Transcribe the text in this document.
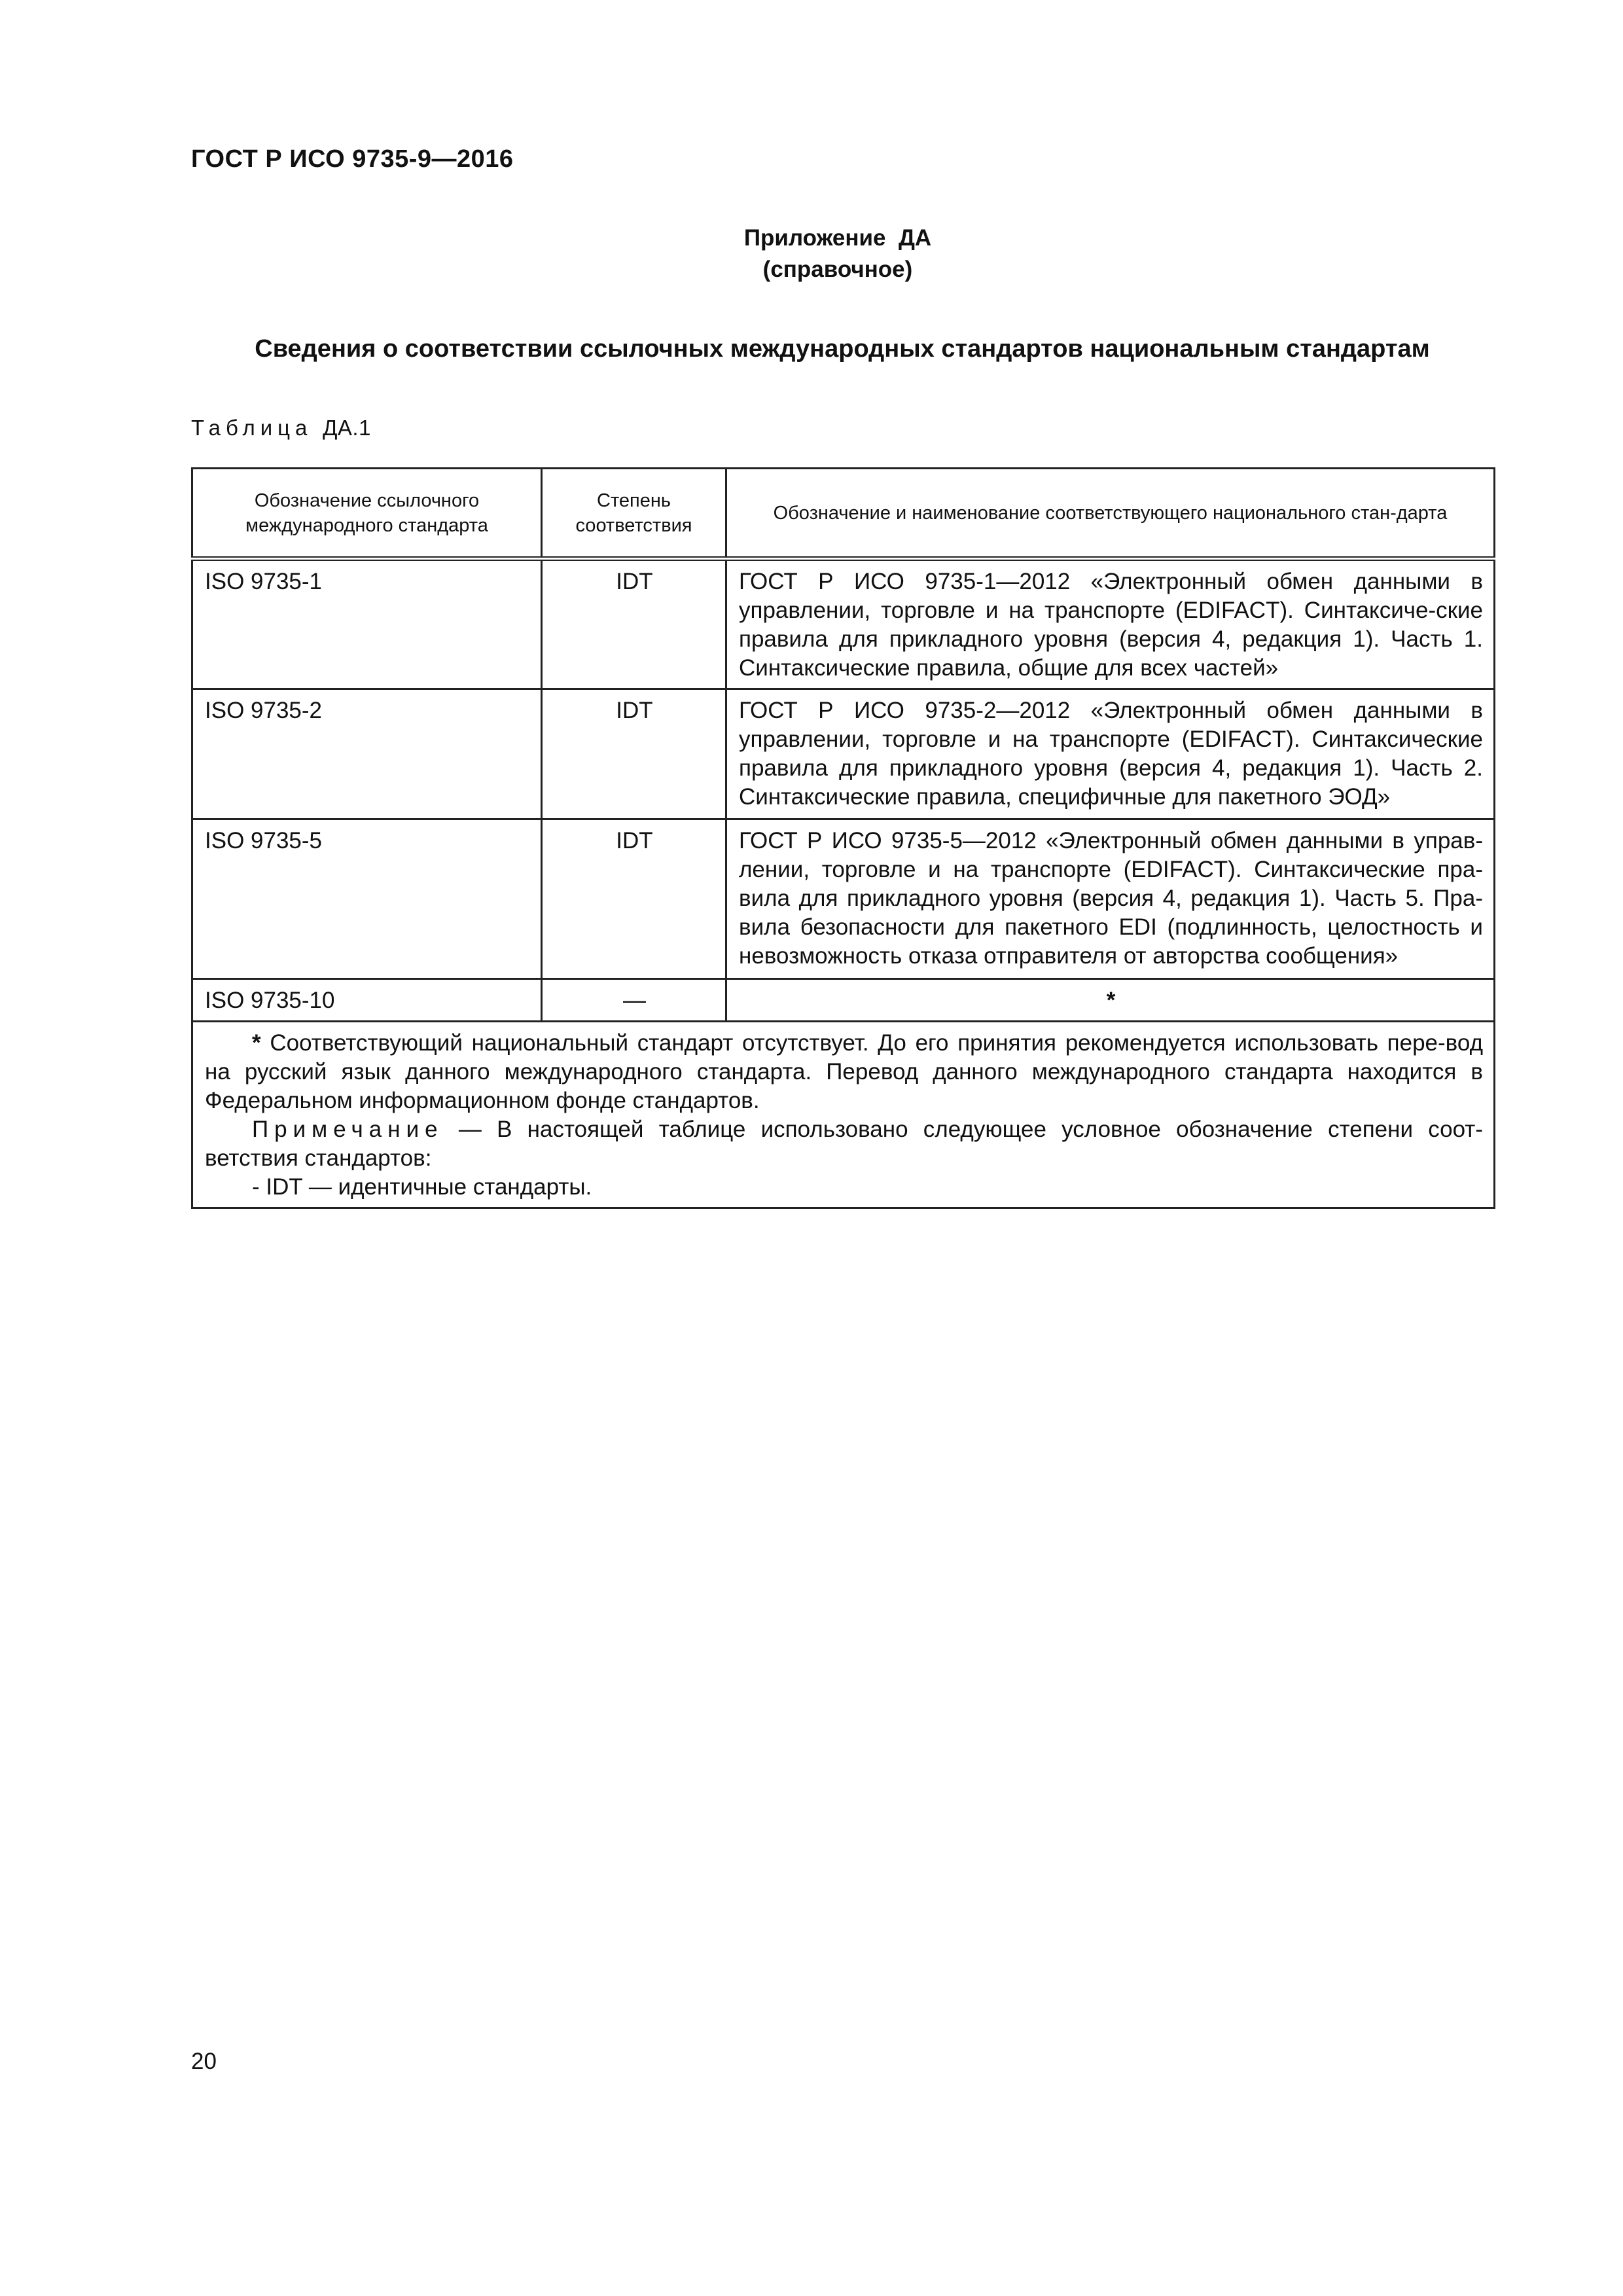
ГОСТ Р ИСО 9735-9—2016
Приложение  ДА
(справочное)
Сведения о соответствии ссылочных международных стандартов национальным стандартам
Таблица ДА.1
Обозначение ссылочного международного стандарта	Степень соответствия	Обозначение и наименование соответствующего национального стан-дарта
ISO 9735-1	IDT	ГОСТ Р ИСО 9735-1—2012 «Электронный обмен данными в управлении, торговле и на транспорте (EDIFACT). Синтаксиче-ские правила для прикладного уровня (версия 4, редакция 1). Часть 1. Синтаксические правила, общие для всех частей»
ISO 9735-2	IDT	ГОСТ Р ИСО 9735-2—2012 «Электронный обмен данными в управлении, торговле и на транспорте (EDIFACT). Синтаксические правила для прикладного уровня (версия 4, редакция 1). Часть 2. Синтаксические правила, специфичные для пакетного ЭОД»
ISO 9735-5	IDT	ГОСТ Р ИСО 9735-5—2012 «Электронный обмен данными в управ-лении, торговле и на транспорте (EDIFACT). Синтаксические пра-вила для прикладного уровня (версия 4, редакция 1). Часть 5. Пра-вила безопасности для пакетного EDI (подлинность, целостность и невозможность отказа отправителя от авторства сообщения»
ISO 9735-10	—	*

* Соответствующий национальный стандарт отсутствует. До его принятия рекомендуется использовать пере-вод на русский язык данного международного стандарта. Перевод данного международного стандарта находится в Федеральном информационном фонде стандартов.

Примечание — В настоящей таблице использовано следующее условное обозначение степени соот-ветствия стандартов:

- IDT — идентичные стандарты.		

20
